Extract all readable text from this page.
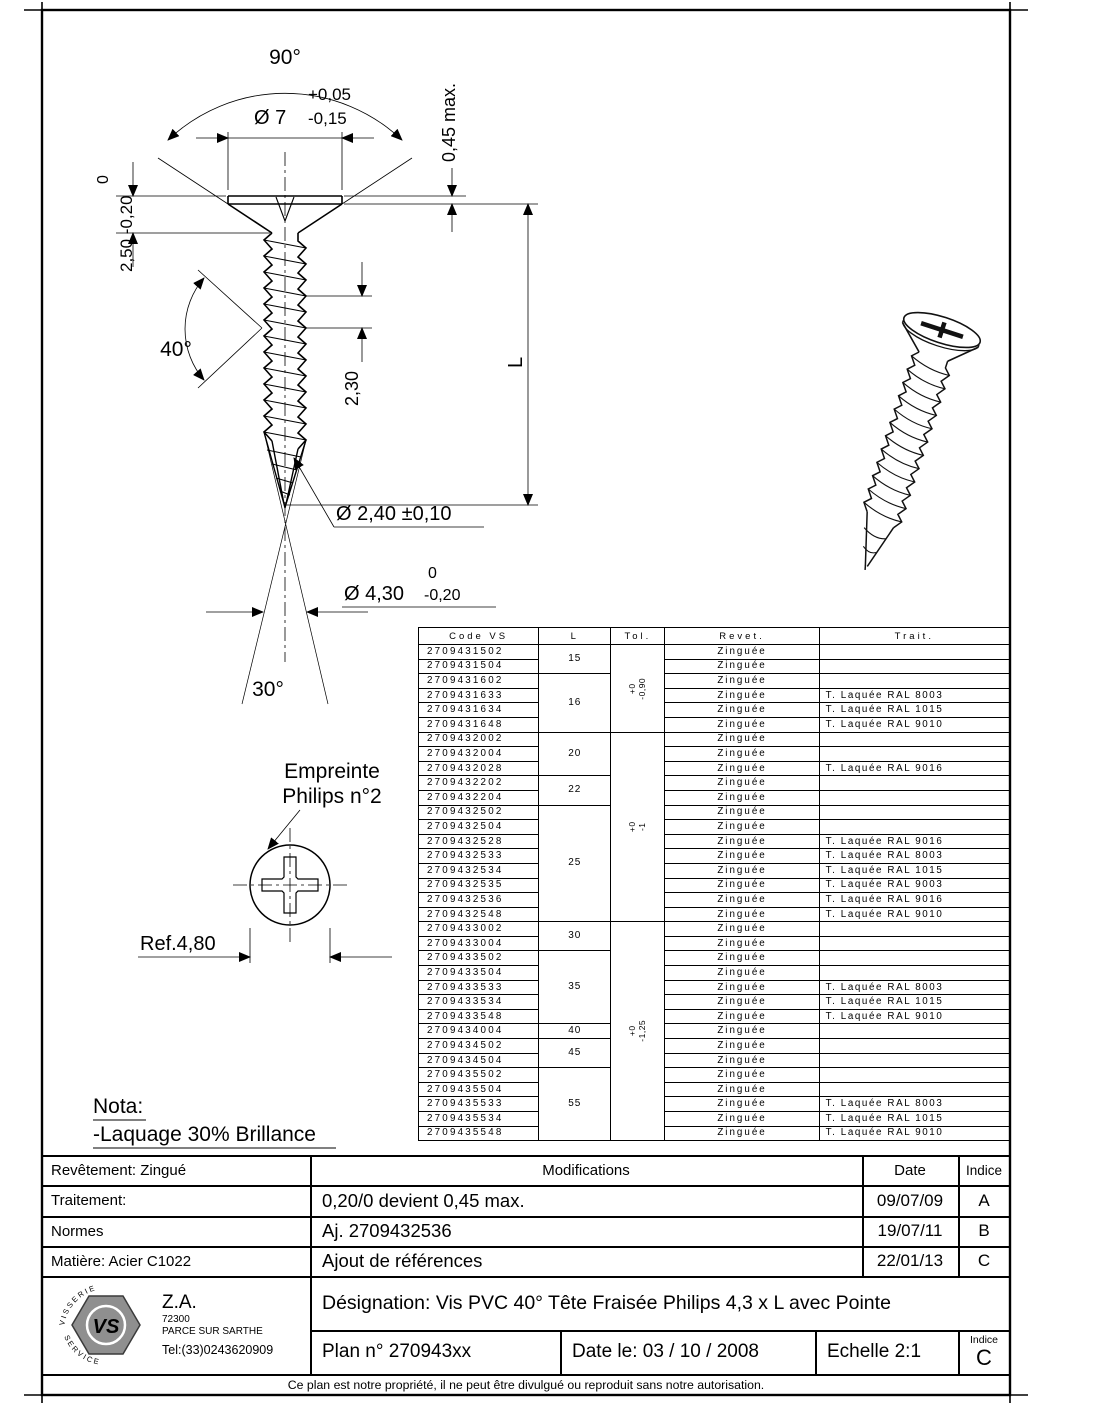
90°
+0,05
Ø 7 -0,15	0,45 max.
0
2,50 -0,20
40°
2,30
L
Ø 2,40 ±0,10
0
Ø 4,30 -0,20
30°
Empreinte
Philips n°2
Ref.4,80
Nota:
-Laquage 30% Brillance
Code VS	L	Tol.	Revet.	Trait.
2709431502	15	+0 -0,90	Zinguée	
2709431504			Zinguée	
2709431602	16		Zinguée	
2709431633			Zinguée	T. Laquée RAL 8003
2709431634			Zinguée	T. Laquée RAL 1015
2709431648			Zinguée	T. Laquée RAL 9010
2709432002	20	+0 -1	Zinguée	
2709432004			Zinguée	
2709432028			Zinguée	T. Laquée RAL 9016
2709432202	22		Zinguée	
2709432204			Zinguée	
2709432502	25		Zinguée	
2709432504			Zinguée	
2709432528			Zinguée	T. Laquée RAL 9016
2709432533			Zinguée	T. Laquée RAL 8003
2709432534			Zinguée	T. Laquée RAL 1015
2709432535			Zinguée	T. Laquée RAL 9003
2709432536			Zinguée	T. Laquée RAL 9016
2709432548			Zinguée	T. Laquée RAL 9010
2709433002	30	+0 -1,25	Zinguée	
2709433004			Zinguée	
2709433502	35		Zinguée	
2709433504			Zinguée	
2709433533			Zinguée	T. Laquée RAL 8003
2709433534			Zinguée	T. Laquée RAL 1015
2709433548			Zinguée	T. Laquée RAL 9010
2709434004	40		Zinguée	
2709434502	45		Zinguée	
2709434504			Zinguée	
2709435502	55		Zinguée	
2709435504			Zinguée	
2709435533			Zinguée	T. Laquée RAL 8003
2709435534			Zinguée	T. Laquée RAL 1015
2709435548			Zinguée	T. Laquée RAL 9010
Revêtement: Zingué
Traitement:
Normes
Matière: Acier C1022
Modifications	Date	Indice
0,20/0 devient 0,45 max.	09/07/09	A
Aj. 2709432536	19/07/11	B
Ajout de références	22/01/13	C
Désignation: Vis PVC 40° Tête Fraisée Philips 4,3 x L avec Pointe
VS
V I S S E R I E
S E R V I C E
Z.A.
72300
PARCE SUR SARTHE
Tel:(33)0243620909	Plan n° 270943xx	Date le: 03 / 10 / 2008	Echelle 2:1
Indice
C
Ce plan est notre propriété, il ne peut être divulgué ou reproduit sans notre autorisation.
